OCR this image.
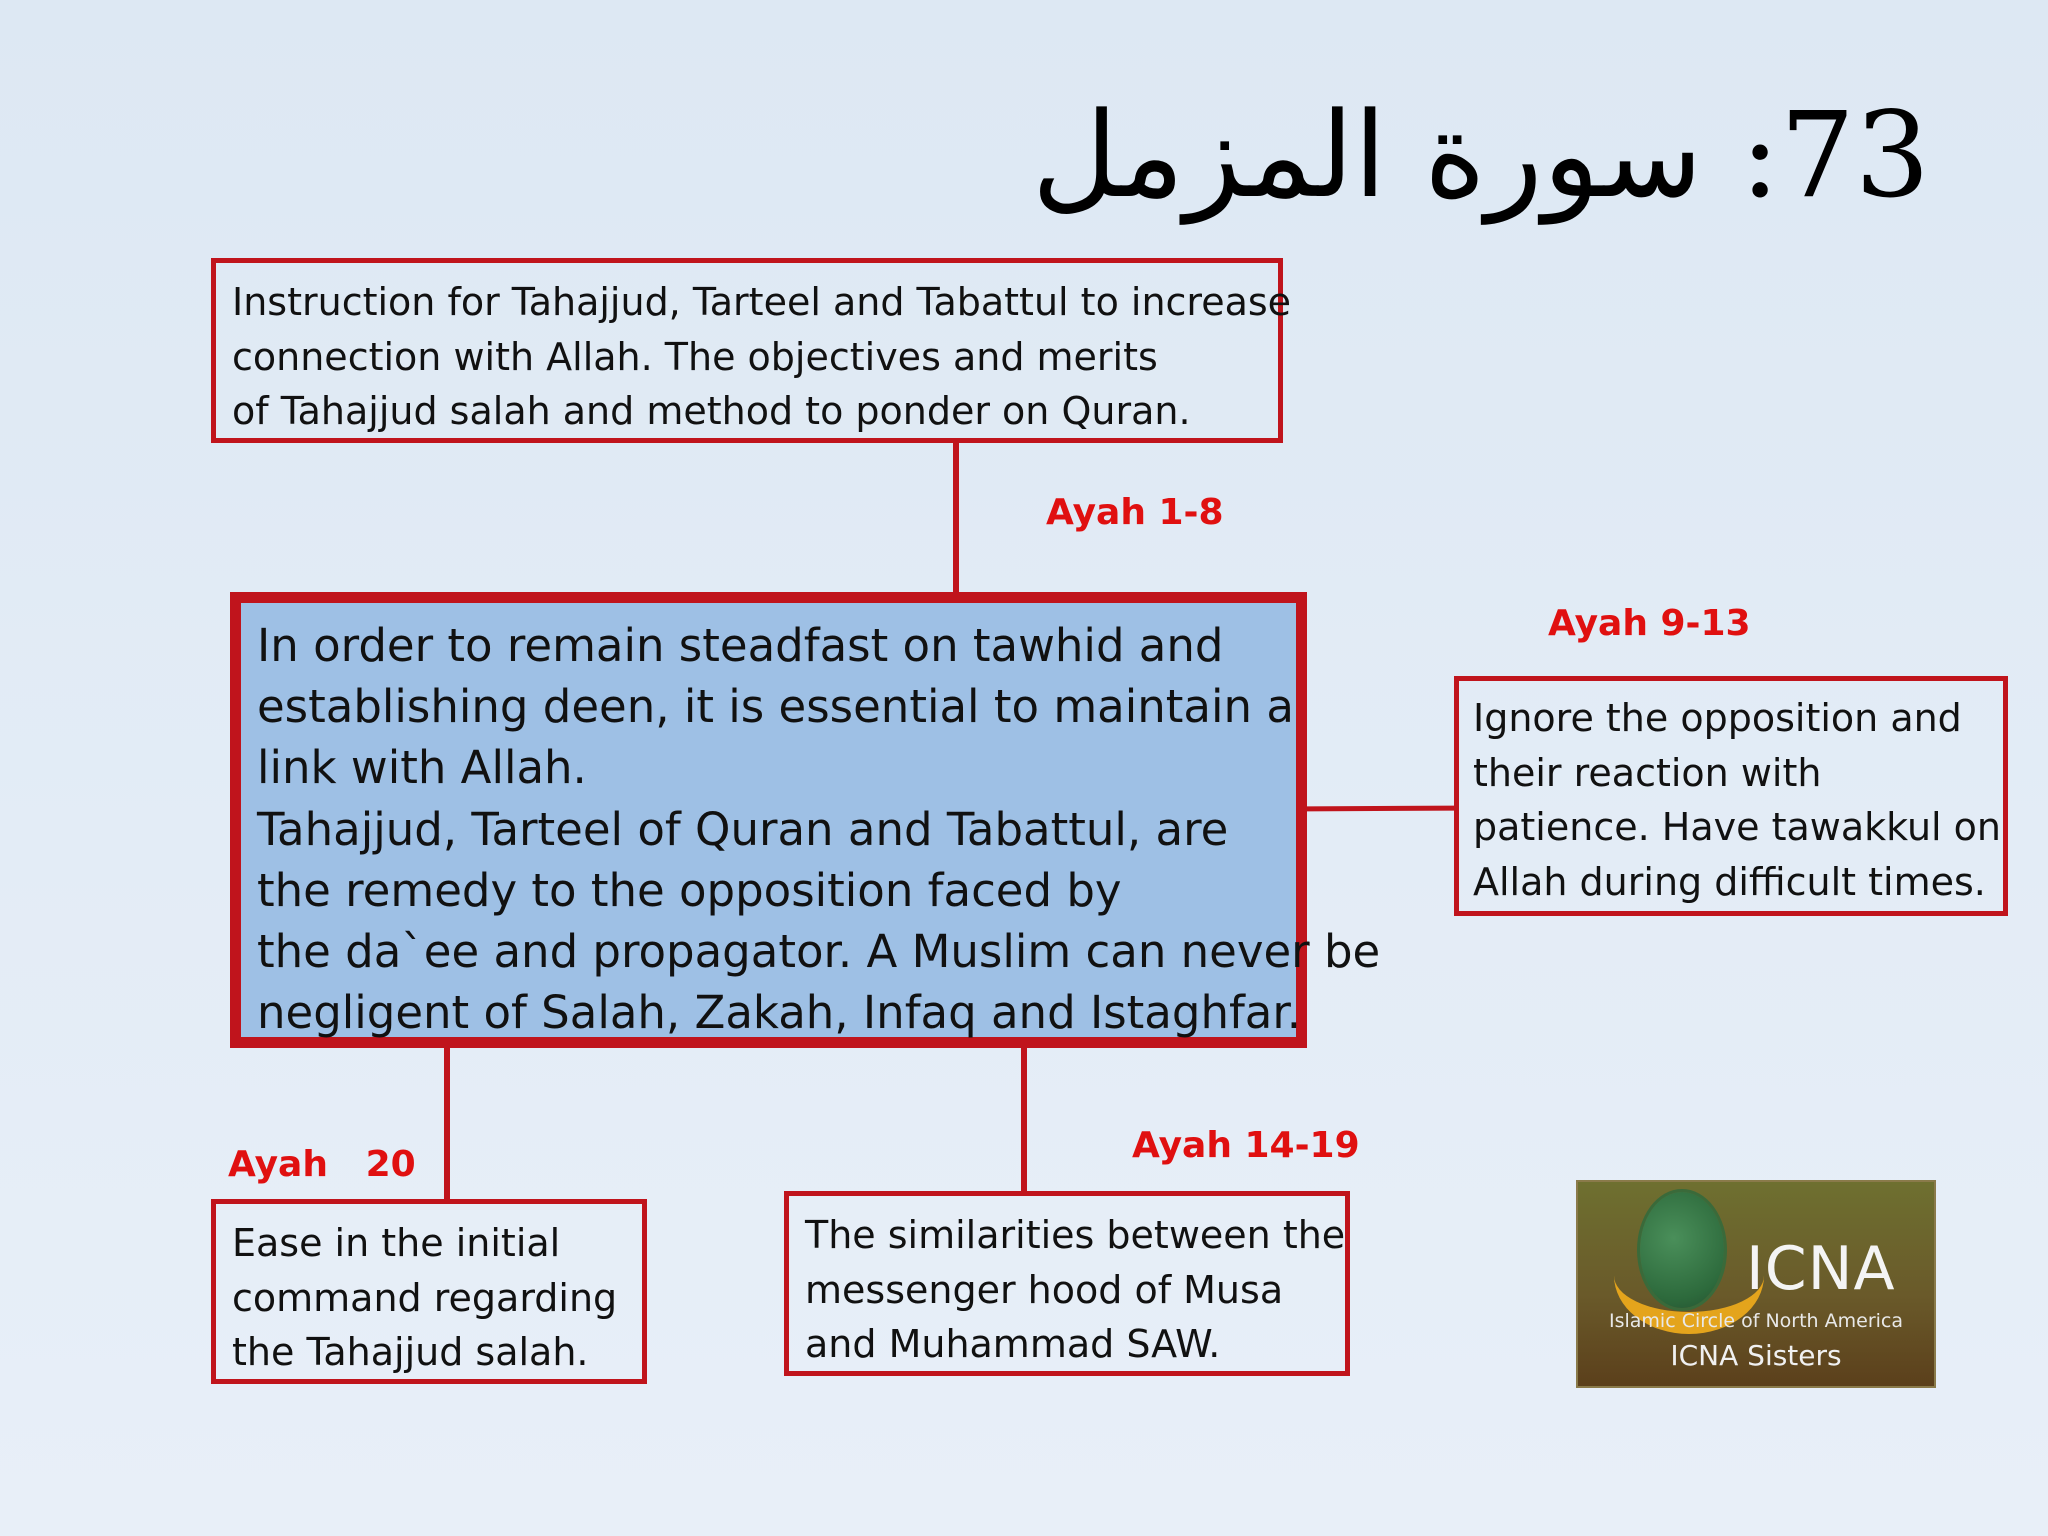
سورة المزمل :73
Instruction for Tahajjud, Tarteel and Tabattul to increase
connection with Allah. The objectives and merits
of Tahajjud salah and method to ponder on Quran.
In order to remain steadfast on tawhid and
establishing deen, it is essential to maintain a
link with Allah.
Tahajjud, Tarteel of Quran and Tabattul, are
the remedy to the opposition faced by
the da`ee and propagator. A Muslim can never be
negligent of Salah, Zakah, Infaq and Istaghfar.
Ignore the opposition and
their reaction with
patience. Have tawakkul on
Allah during difficult times.
Ease in the initial
command regarding
the Tahajjud salah.
The similarities between the
messenger hood of Musa
and Muhammad SAW.
Ayah 1-8
Ayah 9-13
Ayah   20	Ayah 14-19
ICNA
Islamic Circle of North America
ICNA Sisters
